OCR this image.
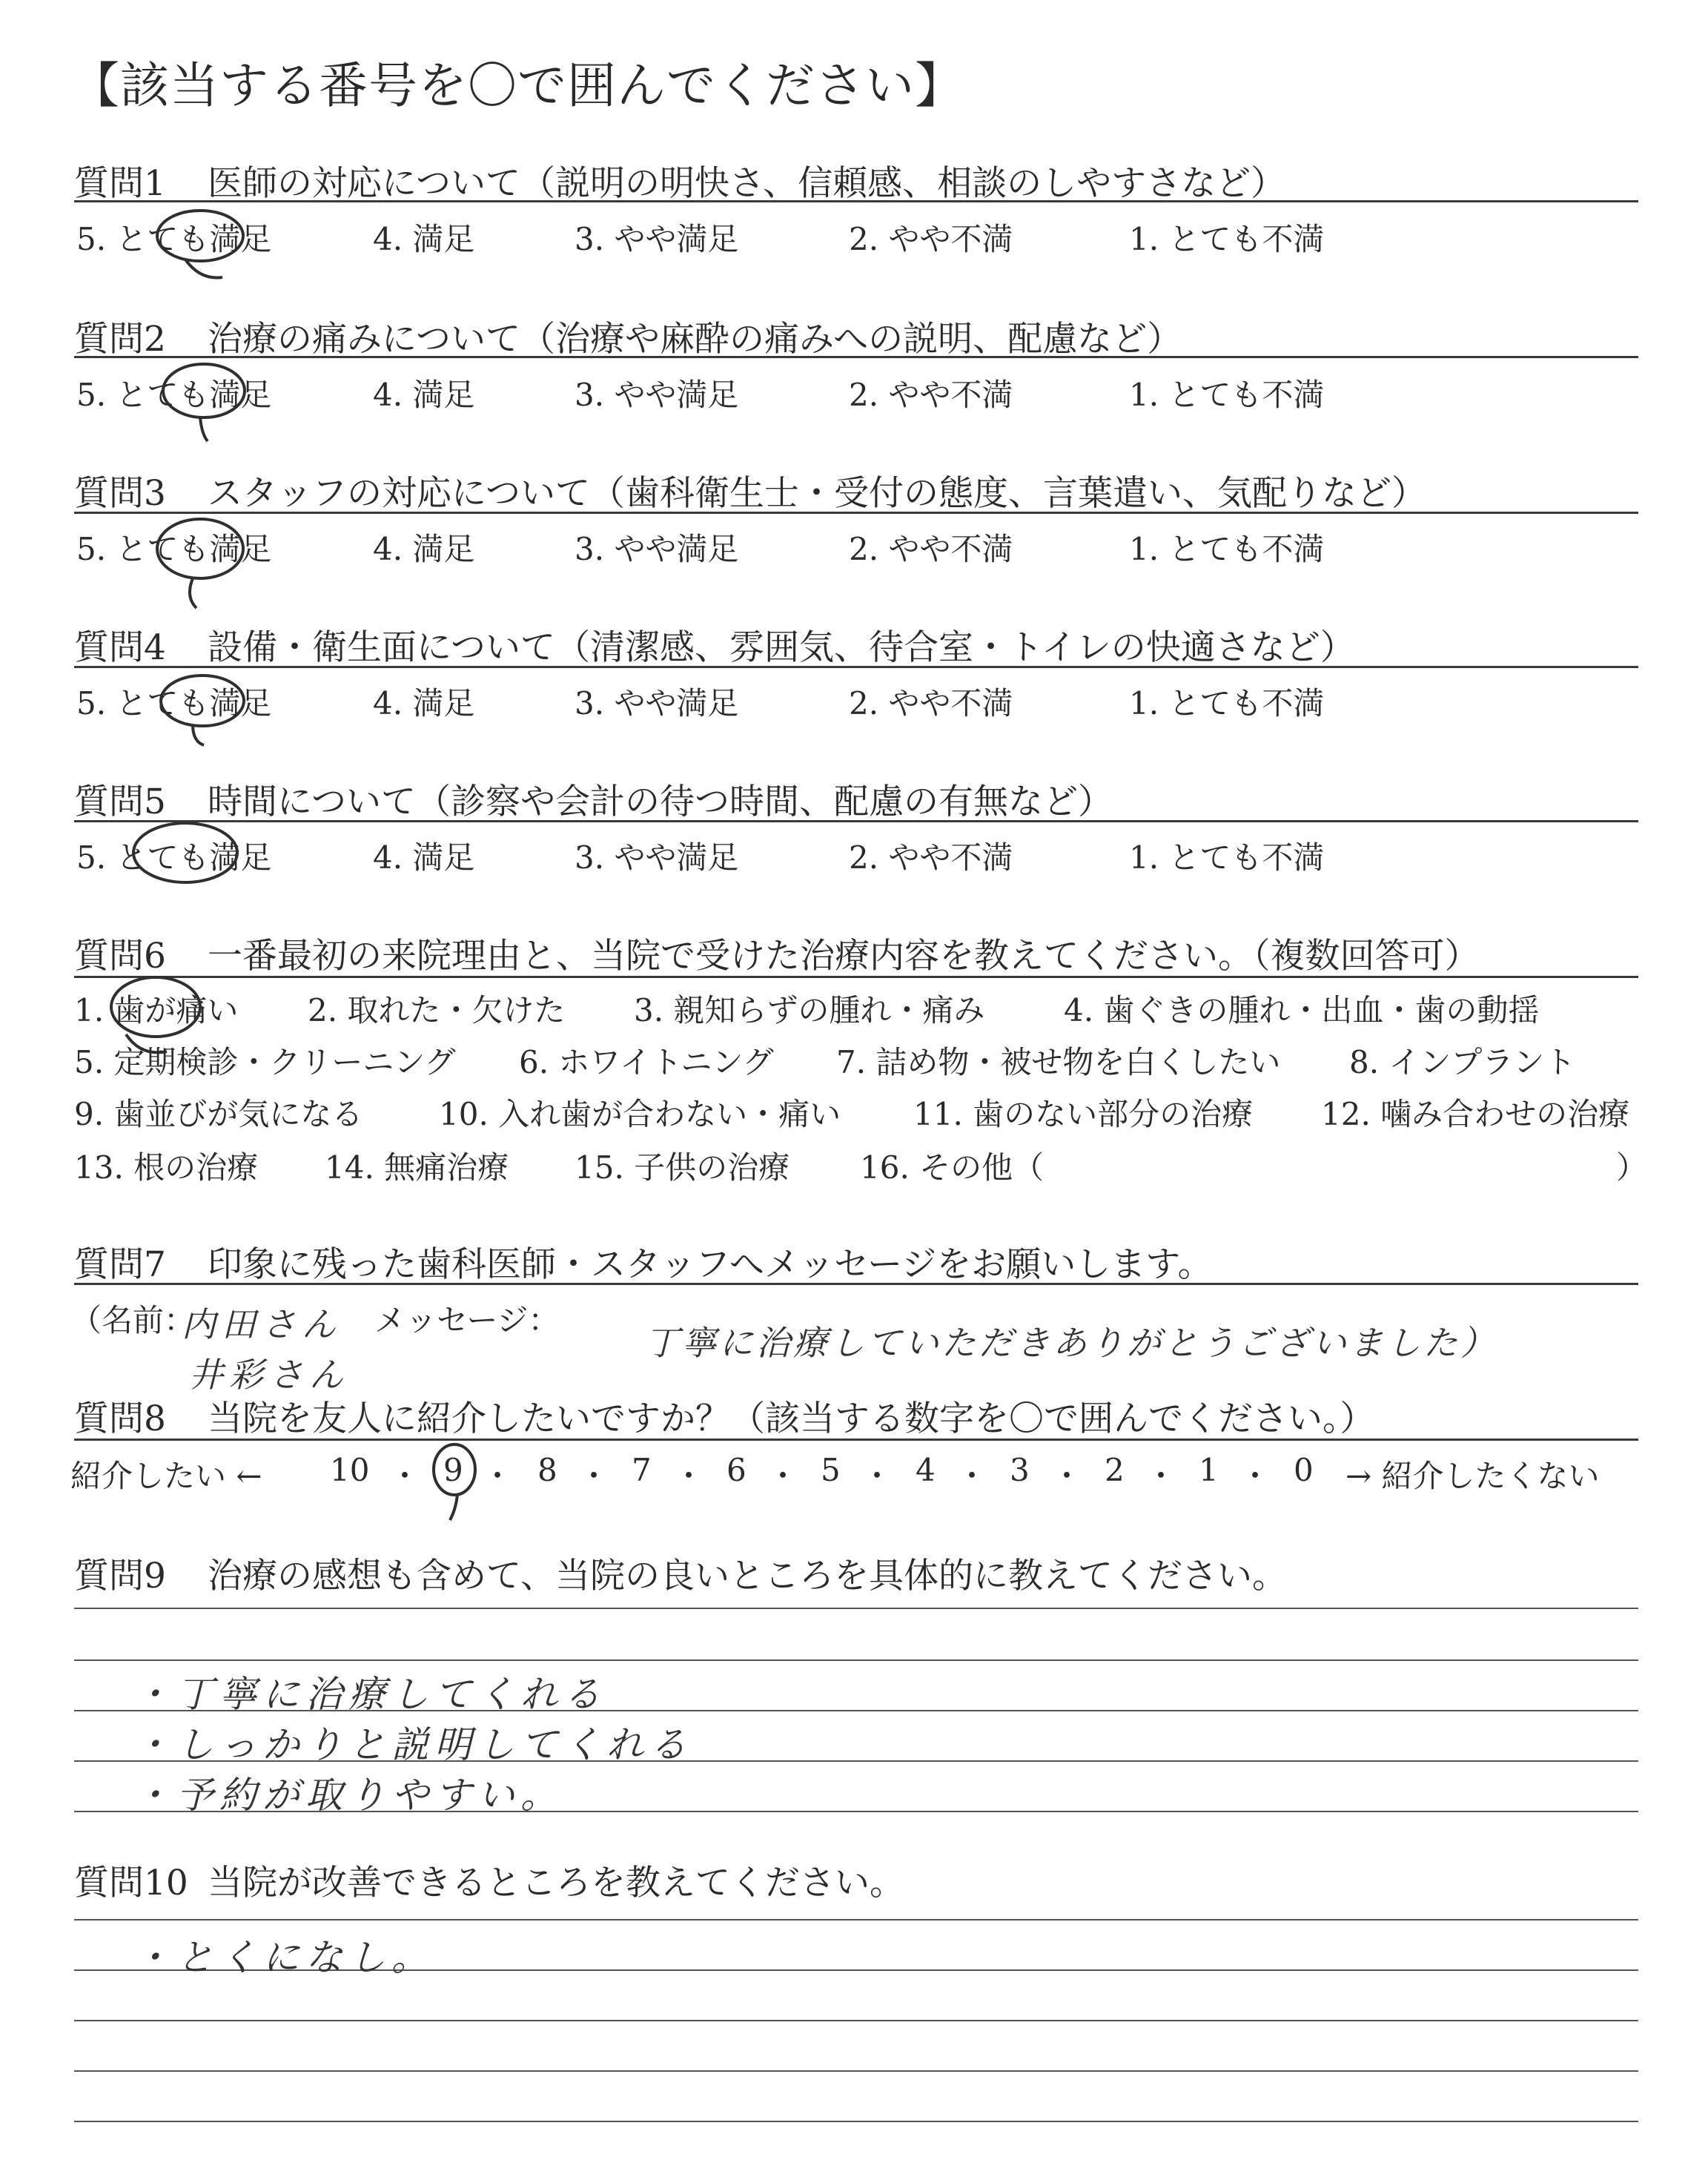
【該当する番号を〇で囲んでください】
質問1 医師の対応について（説明の明快さ、信頼感、相談のしやすさなど）
5. とても満足	4. 満足	3. やや満足	2. やや不満	1. とても不満
質問2 治療の痛みについて（治療や麻酔の痛みへの説明、配慮など）
5. とても満足	4. 満足	3. やや満足	2. やや不満	1. とても不満
質問3 スタッフの対応について（歯科衛生士・受付の態度、言葉遣い、気配りなど）
5. とても満足	4. 満足	3. やや満足	2. やや不満	1. とても不満
質問4 設備・衛生面について（清潔感、雰囲気、待合室・トイレの快適さなど）
5. とても満足	4. 満足	3. やや満足	2. やや不満	1. とても不満
質問5 時間について（診察や会計の待つ時間、配慮の有無など）
5. とても満足	4. 満足	3. やや満足	2. やや不満	1. とても不満
質問6 一番最初の来院理由と、当院で受けた治療内容を教えてください。（複数回答可）
1. 歯が痛い 2. 取れた・欠けた 3. 親知らずの腫れ・痛み	4. 歯ぐきの腫れ・出血・歯の動揺
5. 定期検診・クリーニング 6. ホワイトニング 7. 詰め物・被せ物を白くしたい 8. インプラント
9. 歯並びが気になる 10. 入れ歯が合わない・痛い 11. 歯のない部分の治療 12. 噛み合わせの治療
13. 根の治療 14. 無痛治療 15. 子供の治療 16. その他（	）
質問7 印象に残った歯科医師・スタッフへメッセージをお願いします。
（名前：	メッセージ：
内田さん
井彩さん
丁寧に治療していただきありがとうございました）
質問8 当院を友人に紹介したいですか？（該当する数字を〇で囲んでください。）
紹介したい ← 10 ・ 9 ・ 8 ・ 7 ・ 6 ・ 5 ・ 4 ・ 3 ・ 2 ・ 1 ・ 0 → 紹介したくない
質問9 治療の感想も含めて、当院の良いところを具体的に教えてください。
・丁寧に治療してくれる
・しっかりと説明してくれる
・予約が取りやすい。
質問10 当院が改善できるところを教えてください。
・とくになし。
